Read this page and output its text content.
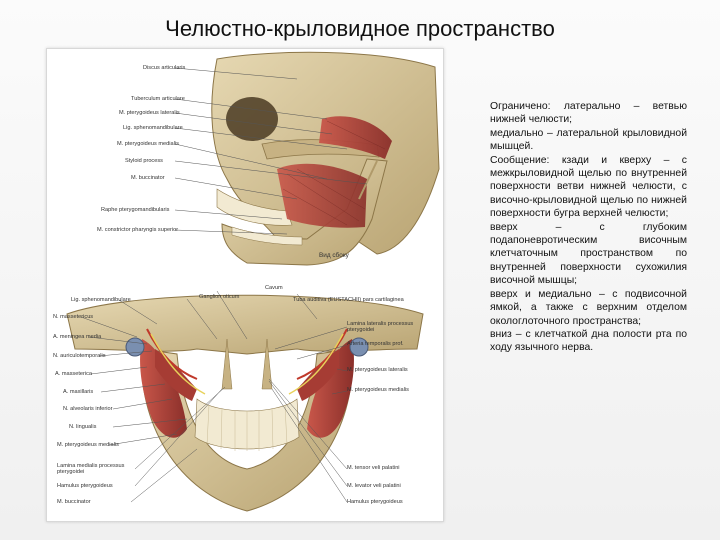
Челюстно-крыловидное пространство
Discus articularis
Tuberculum articulare
M. pterygoideus lateralis
Lig. sphenomandibulare
M. pterygoideus medialis
Styloid process
M. buccinator
Raphe pterygomandibularis
M. constrictor pharyngis superior
Вид сбоку
Lig. sphenomandibulare
N. massetericus
A. meningea media
N. auriculotemporalis
A. masseterica
A. maxillaris
N. alveolaris inferior
N. lingualis
M. pterygoideus medialis
Lamina medialis processus pterygoidei
Hamulus pterygoideus
M. buccinator
Ganglion oticum
Cavum
Tuba auditiva (EUSTACHII) pars cartilaginea
Lamina lateralis processus pterygoidei
Arteria temporalis prof.
M. pterygoideus lateralis
M. pterygoideus medialis
M. tensor veli palatini
M. levator veli palatini
Hamulus pterygoideus

Ограничено: латерально – ветвью нижней челюсти;

медиально – латеральной крыловидной мышцей.

Сообщение: кзади и кверху – с межкрыловидной щелью по внутренней поверхности ветви нижней челюсти, с височно-крыловидной щелью по нижней поверхности бугра верхней челюсти;

вверх – с глубоким подапоневротическим височным клетчаточным пространством по внутренней поверхности сухожилия височной мышцы;

вверх и медиально – с подвисочной ямкой, а также с верхним отделом окологлоточного пространства;

вниз – с клетчаткой дна полости рта по ходу язычного нерва.
